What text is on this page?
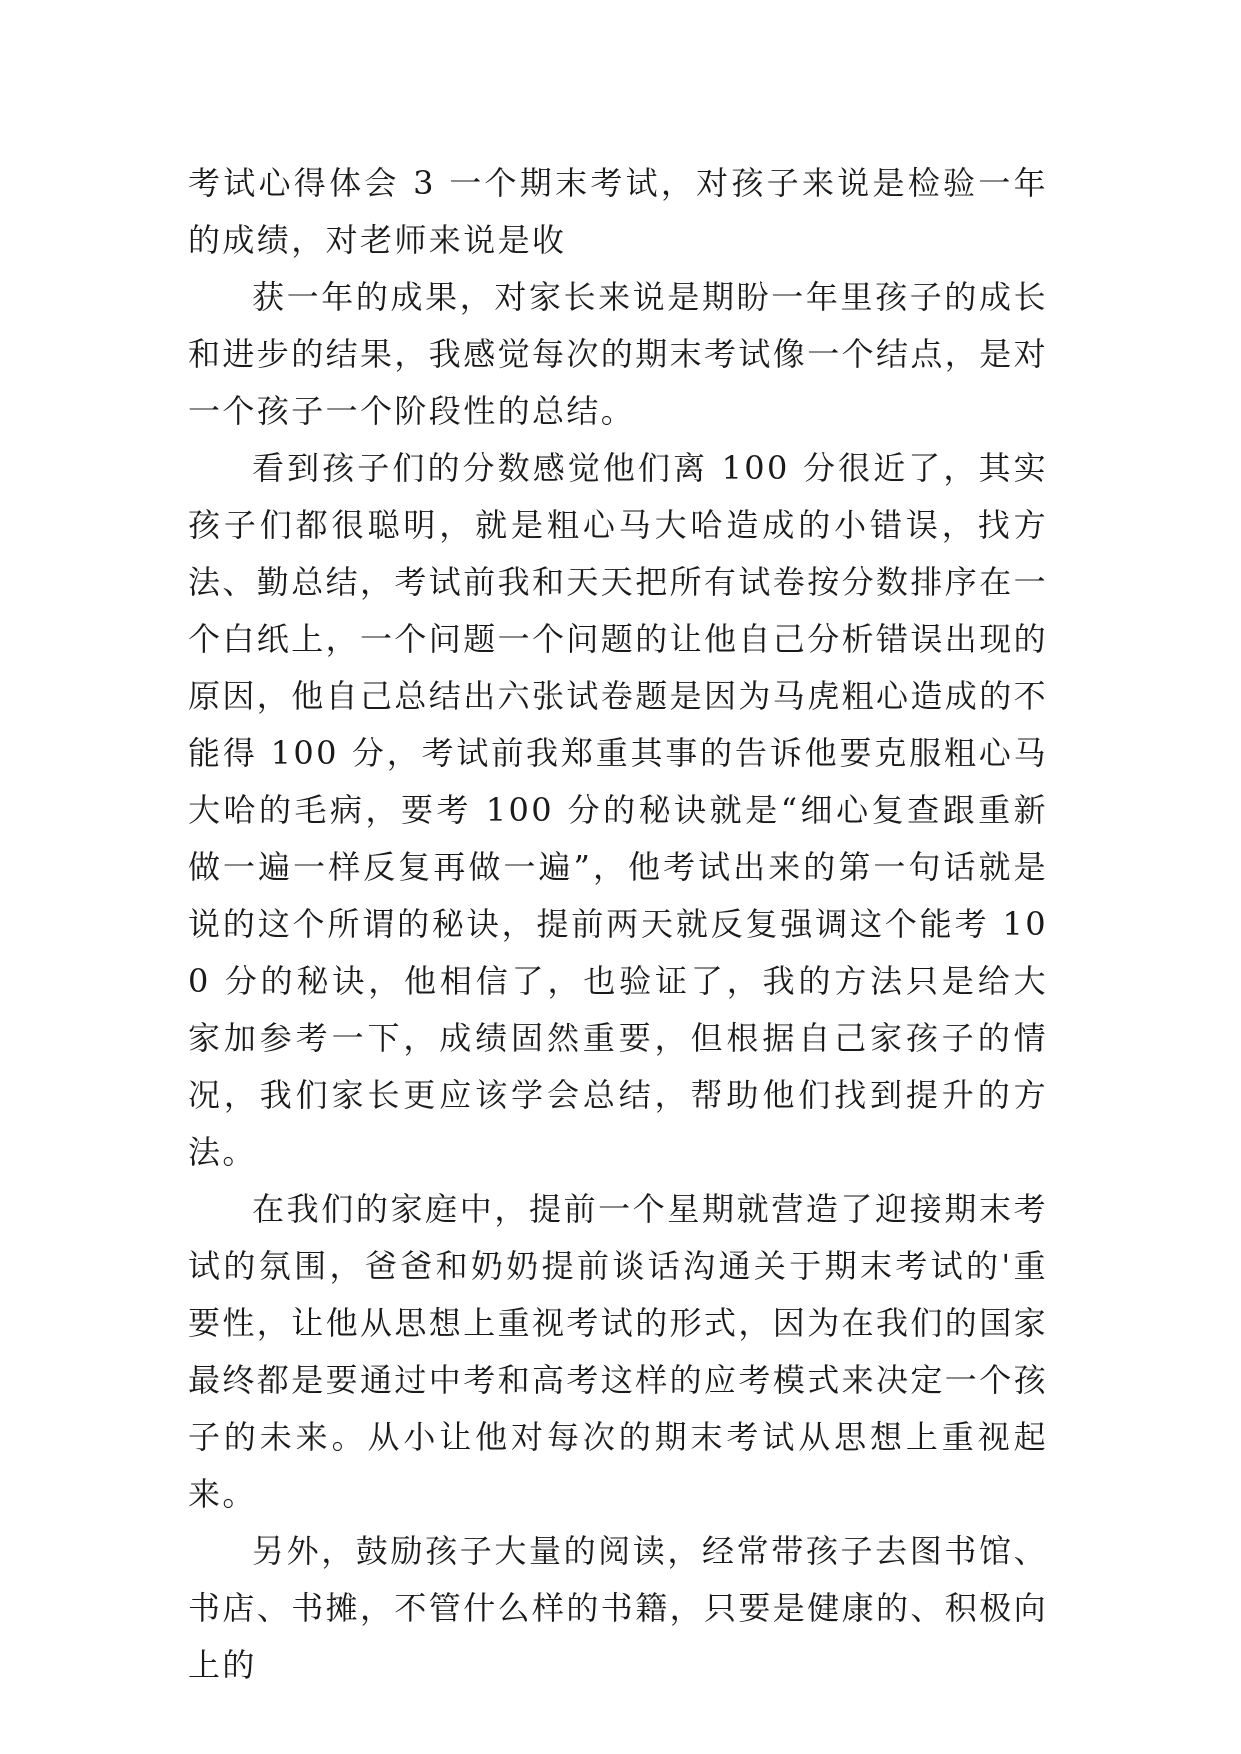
考试心得体会 3 一个期末考试，对孩子来说是检验一年的成绩，对老师来说是收

获一年的成果，对家长来说是期盼一年里孩子的成长和进步的结果，我感觉每次的期末考试像一个结点，是对一个孩子一个阶段性的总结。

看到孩子们的分数感觉他们离 100 分很近了，其实孩子们都很聪明，就是粗心马大哈造成的小错误，找方法、勤总结，考试前我和天天把所有试卷按分数排序在一个白纸上，一个问题一个问题的让他自己分析错误出现的原因，他自己总结出六张试卷题是因为马虎粗心造成的不能得 100 分，考试前我郑重其事的告诉他要克服粗心马大哈的毛病，要考 100 分的秘诀就是“细心复查跟重新做一遍一样反复再做一遍”，他考试出来的第一句话就是说的这个所谓的秘诀，提前两天就反复强调这个能考 100 分的秘诀，他相信了，也验证了，我的方法只是给大家加参考一下，成绩固然重要，但根据自己家孩子的情况，我们家长更应该学会总结，帮助他们找到提升的方法。

在我们的家庭中，提前一个星期就营造了迎接期末考试的氛围，爸爸和奶奶提前谈话沟通关于期末考试的'重要性，让他从思想上重视考试的形式，因为在我们的国家最终都是要通过中考和高考这样的应考模式来决定一个孩子的未来。从小让他对每次的期末考试从思想上重视起来。

另外，鼓励孩子大量的阅读，经常带孩子去图书馆、书店、书摊，不管什么样的书籍，只要是健康的、积极向上的
